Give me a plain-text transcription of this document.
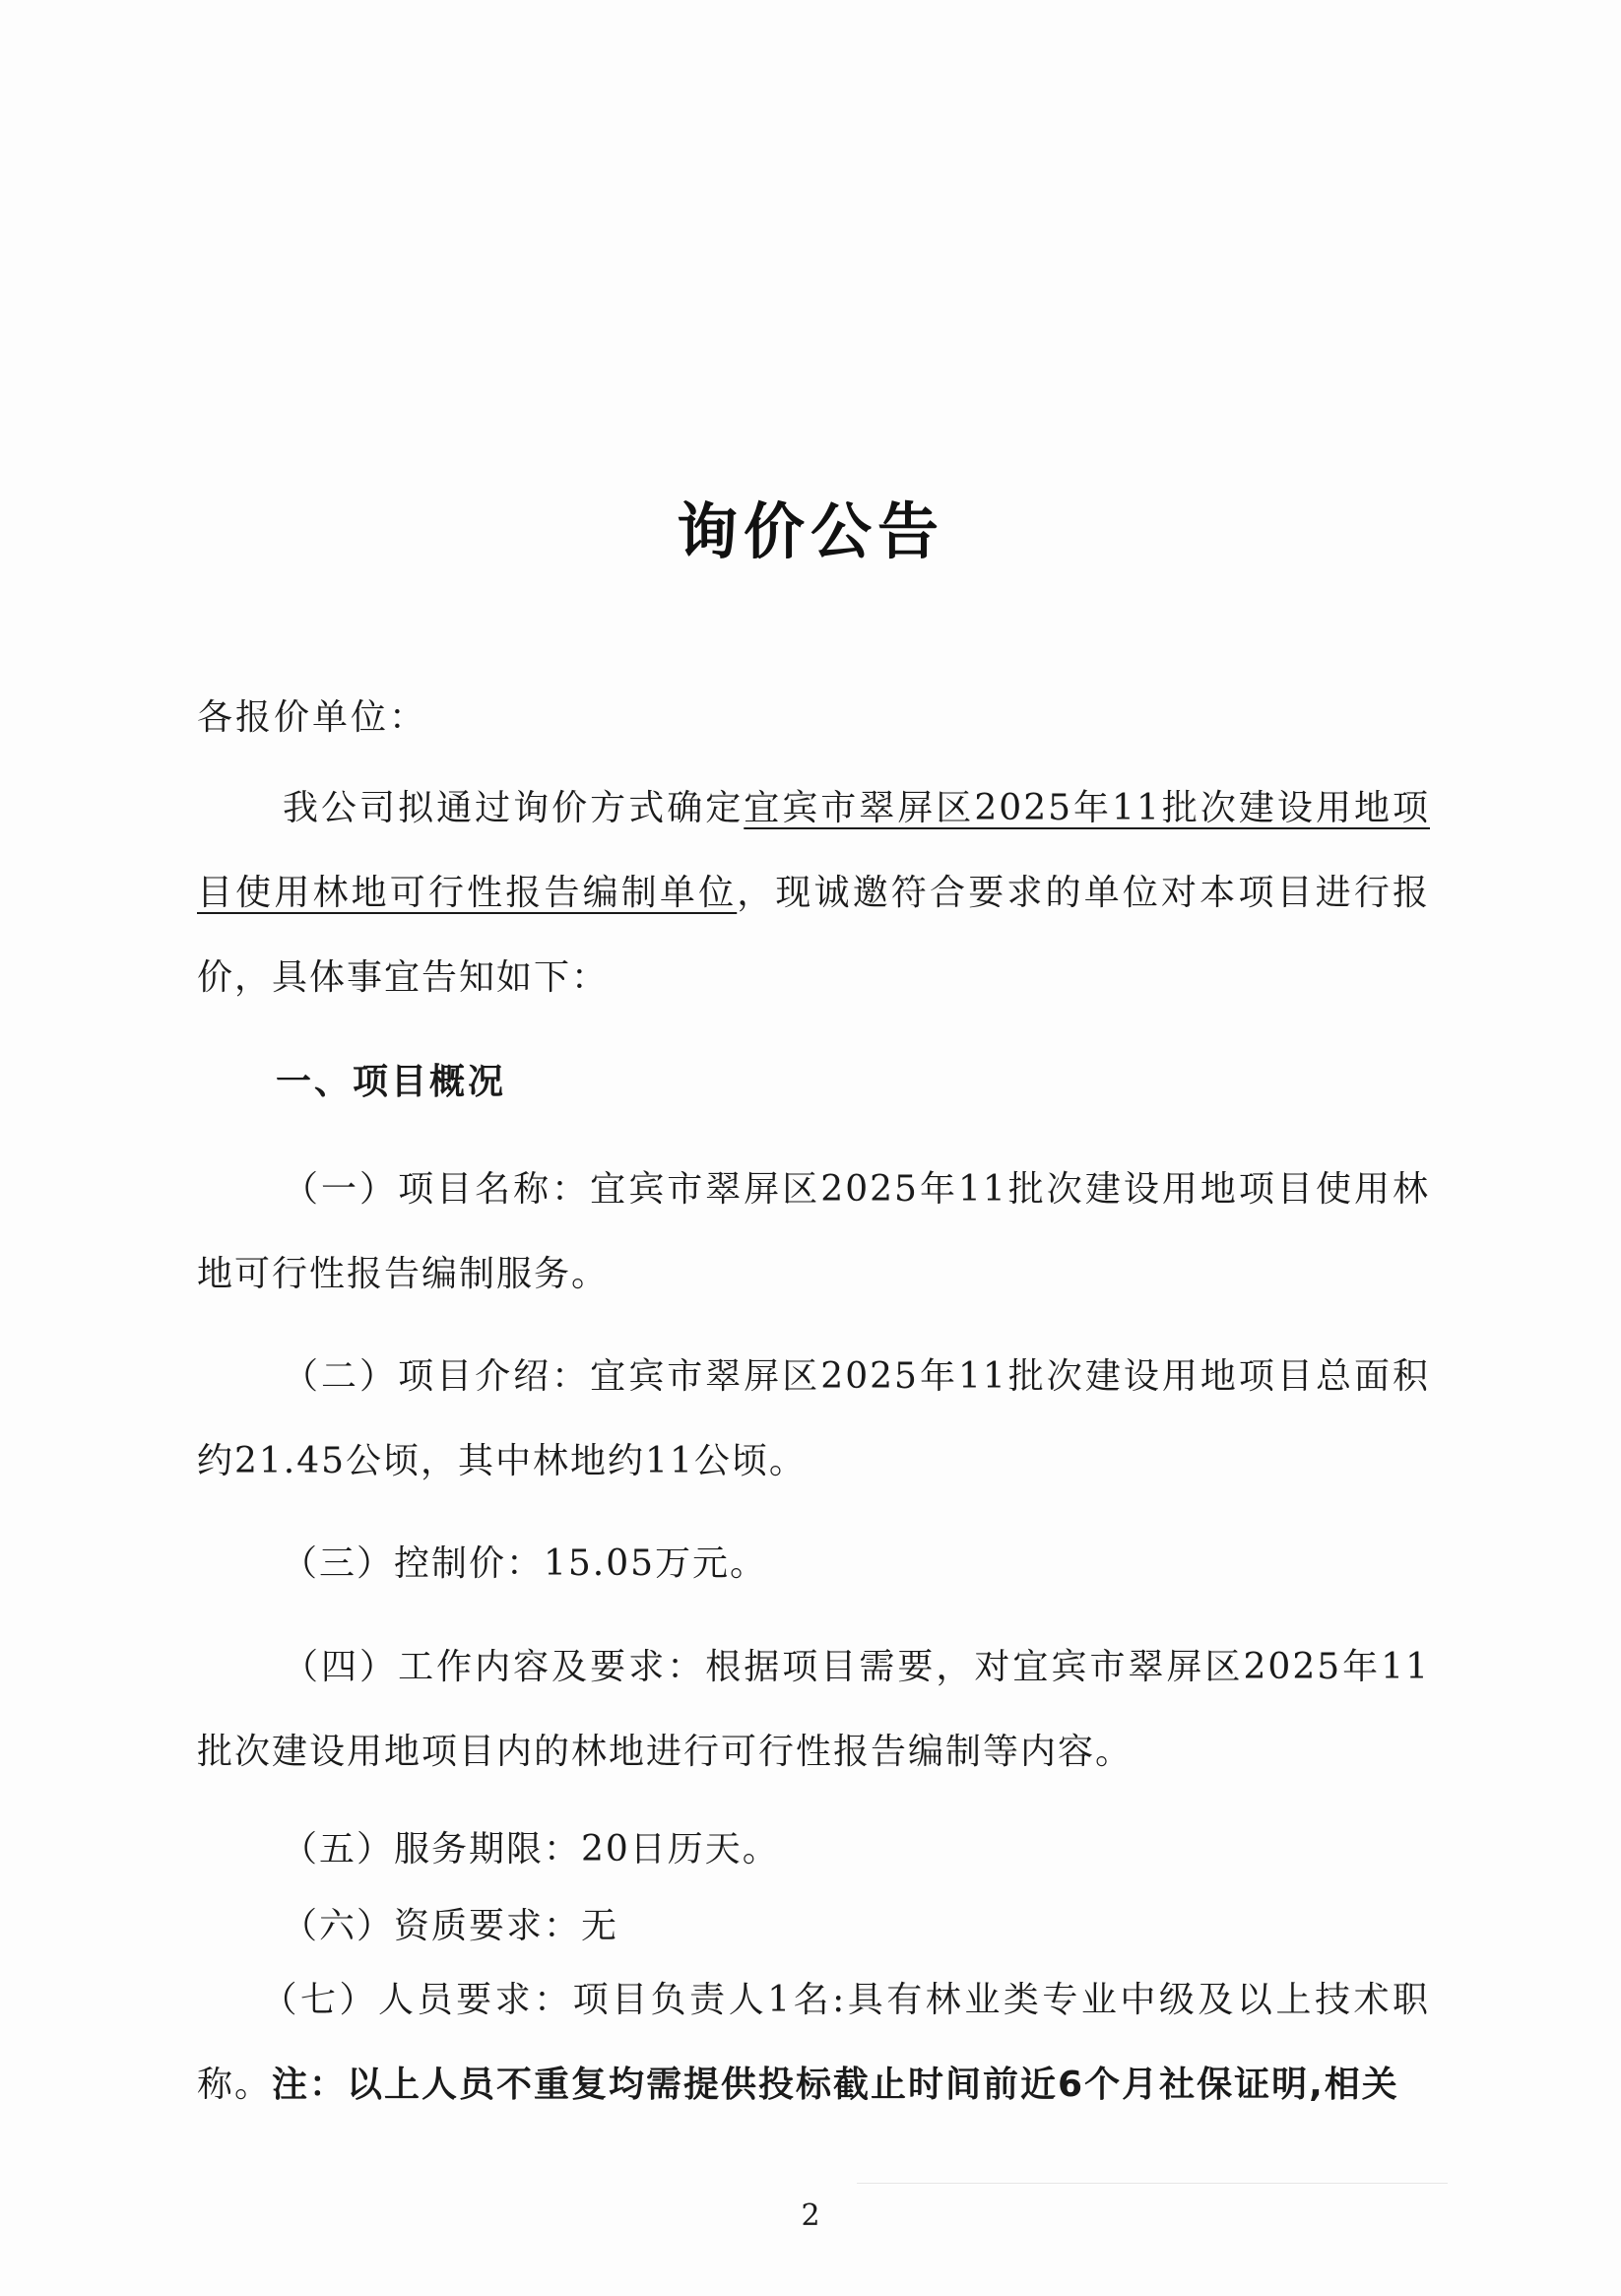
询价公告
各报价单位：
我公司拟通过询价方式确定宜宾市翠屏区2025年11批次建设用地项目使用林地可行性报告编制单位，现诚邀符合要求的单位对本项目进行报价，具体事宜告知如下：
一、项目概况
（一）项目名称：宜宾市翠屏区2025年11批次建设用地项目使用林地可行性报告编制服务。
（二）项目介绍：宜宾市翠屏区2025年11批次建设用地项目总面积约21.45公顷，其中林地约11公顷。
（三）控制价：15.05万元。
（四）工作内容及要求：根据项目需要，对宜宾市翠屏区2025年11批次建设用地项目内的林地进行可行性报告编制等内容。
（五）服务期限：20日历天。
（六）资质要求：无
（七）人员要求：项目负责人1名:具有林业类专业中级及以上技术职称。注：以上人员不重复均需提供投标截止时间前近6个月社保证明,相关
2
